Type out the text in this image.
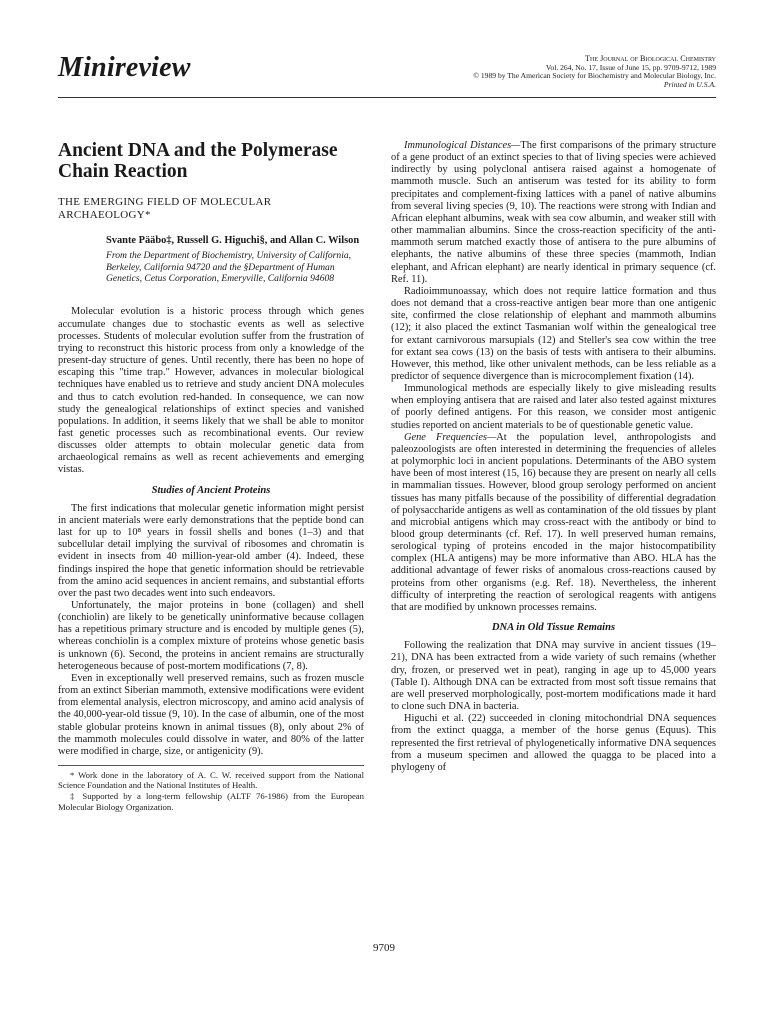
Minireview	The Journal of Biological Chemistry
Vol. 264, No. 17, Issue of June 15, pp. 9709-9712, 1989
© 1989 by The American Society for Biochemistry and Molecular Biology, Inc.
Printed in U.S.A.
Ancient DNA and the Polymerase Chain Reaction
THE EMERGING FIELD OF MOLECULAR ARCHAEOLOGY*
Svante Pääbo‡, Russell G. Higuchi§, and Allan C. Wilson
From the Department of Biochemistry, University of California, Berkeley, California 94720 and the §Department of Human Genetics, Cetus Corporation, Emeryville, California 94608

Molecular evolution is a historic process through which genes accumulate changes due to stochastic events as well as selective processes. Students of molecular evolution suffer from the frustration of trying to reconstruct this historic process from only a knowledge of the present-day structure of genes. Until recently, there has been no hope of escaping this "time trap." However, advances in molecular biological techniques have enabled us to retrieve and study ancient DNA molecules and thus to catch evolution red-handed. In consequence, we can now study the genealogical relationships of extinct species and vanished populations. In addition, it seems likely that we shall be able to monitor fast genetic processes such as recombinational events. Our review discusses older attempts to obtain molecular genetic data from archaeological remains as well as recent achievements and emerging vistas.

Studies of Ancient Proteins

The first indications that molecular genetic information might persist in ancient materials were early demonstrations that the peptide bond can last for up to 10⁸ years in fossil shells and bones (1–3) and that subcellular detail implying the survival of ribosomes and chromatin is evident in insects from 40 million-year-old amber (4). Indeed, these findings inspired the hope that genetic information should be retrievable from the amino acid sequences in ancient remains, and substantial efforts over the past two decades went into such endeavors.

Unfortunately, the major proteins in bone (collagen) and shell (conchiolin) are likely to be genetically uninformative because collagen has a repetitious primary structure and is encoded by multiple genes (5), whereas conchiolin is a complex mixture of proteins whose genetic basis is unknown (6). Second, the proteins in ancient remains are structurally heterogeneous because of post-mortem modifications (7, 8).

Even in exceptionally well preserved remains, such as frozen muscle from an extinct Siberian mammoth, extensive modifications were evident from elemental analysis, electron microscopy, and amino acid analysis of the 40,000-year-old tissue (9, 10). In the case of albumin, one of the most stable globular proteins known in animal tissues (8), only about 2% of the mammoth molecules could dissolve in water, and 80% of the latter were modified in charge, size, or antigenicity (9).

* Work done in the laboratory of A. C. W. received support from the National Science Foundation and the National Institutes of Health.

‡ Supported by a long-term fellowship (ALTF 76-1986) from the European Molecular Biology Organization.

Immunological Distances—The first comparisons of the primary structure of a gene product of an extinct species to that of living species were achieved indirectly by using polyclonal antisera raised against a homogenate of mammoth muscle. Such an antiserum was tested for its ability to form precipitates and complement-fixing lattices with a panel of native albumins from several living species (9, 10). The reactions were strong with Indian and African elephant albumins, weak with sea cow albumin, and weaker still with other mammalian albumins. Since the cross-reaction specificity of the anti-mammoth serum matched exactly those of antisera to the pure albumins of elephants, the native albumins of these three species (mammoth, Indian elephant, and African elephant) are nearly identical in primary sequence (cf. Ref. 11).

Radioimmunoassay, which does not require lattice formation and thus does not demand that a cross-reactive antigen bear more than one antigenic site, confirmed the close relationship of elephant and mammoth albumins (12); it also placed the extinct Tasmanian wolf within the genealogical tree for extant carnivorous marsupials (12) and Steller's sea cow within the tree for extant sea cows (13) on the basis of tests with antisera to their albumins. However, this method, like other univalent methods, can be less reliable as a predictor of sequence divergence than is microcomplement fixation (14).

Immunological methods are especially likely to give misleading results when employing antisera that are raised and later also tested against mixtures of poorly defined antigens. For this reason, we consider most antigenic studies reported on ancient materials to be of questionable genetic value.

Gene Frequencies—At the population level, anthropologists and paleozoologists are often interested in determining the frequencies of alleles at polymorphic loci in ancient populations. Determinants of the ABO system have been of most interest (15, 16) because they are present on nearly all cells in mammalian tissues. However, blood group serology performed on ancient tissues has many pitfalls because of the possibility of differential degradation of polysaccharide antigens as well as contamination of the old tissues by plant and microbial antigens which may cross-react with the antibody or bind to blood group determinants (cf. Ref. 17). In well preserved human remains, serological typing of proteins encoded in the major histocompatibility complex (HLA antigens) may be more informative than ABO. HLA has the additional advantage of fewer risks of anomalous cross-reactions caused by proteins from other organisms (e.g. Ref. 18). Nevertheless, the inherent difficulty of interpreting the reaction of serological reagents with antigens that are modified by unknown processes remains.

DNA in Old Tissue Remains

Following the realization that DNA may survive in ancient tissues (19–21), DNA has been extracted from a wide variety of such remains (whether dry, frozen, or preserved wet in peat), ranging in age up to 45,000 years (Table I). Although DNA can be extracted from most soft tissue remains that are well preserved morphologically, post-mortem modifications made it hard to clone such DNA in bacteria.

Higuchi et al. (22) succeeded in cloning mitochondrial DNA sequences from the extinct quagga, a member of the horse genus (Equus). This represented the first retrieval of phylogenetically informative DNA sequences from a museum specimen and allowed the quagga to be placed into a phylogeny of

9709
